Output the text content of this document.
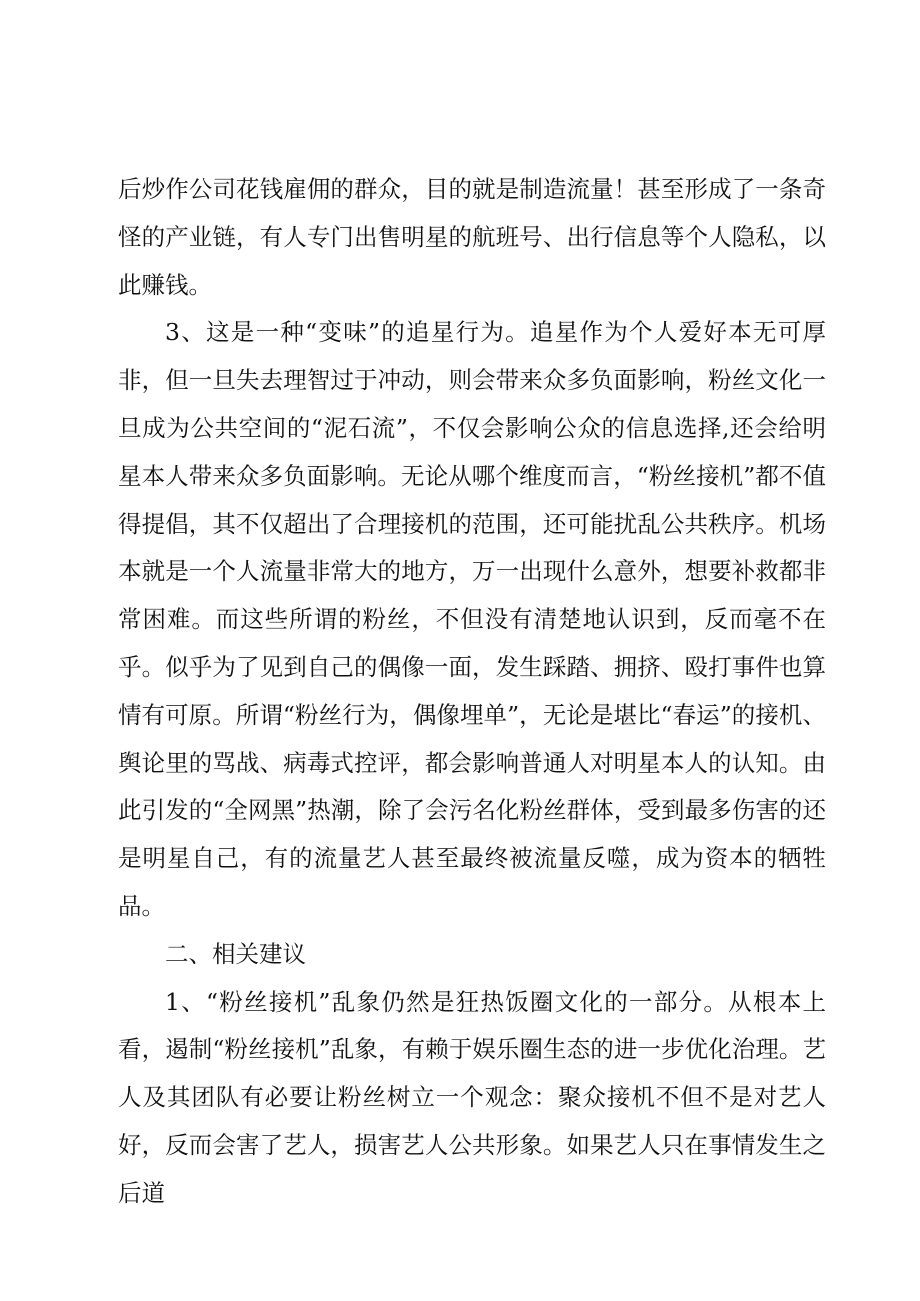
后炒作公司花钱雇佣的群众，目的就是制造流量！甚至形成了一条奇怪的产业链，有人专门出售明星的航班号、出行信息等个人隐私，以此赚钱。

3、这是一种“变味”的追星行为。追星作为个人爱好本无可厚非，但一旦失去理智过于冲动，则会带来众多负面影响，粉丝文化一旦成为公共空间的“泥石流”，不仅会影响公众的信息选择,还会给明星本人带来众多负面影响。无论从哪个维度而言，“粉丝接机”都不值得提倡，其不仅超出了合理接机的范围，还可能扰乱公共秩序。机场本就是一个人流量非常大的地方，万一出现什么意外，想要补救都非常困难。而这些所谓的粉丝，不但没有清楚地认识到，反而毫不在乎。似乎为了见到自己的偶像一面，发生踩踏、拥挤、殴打事件也算情有可原。所谓“粉丝行为，偶像埋单”，无论是堪比“春运”的接机、舆论里的骂战、病毒式控评，都会影响普通人对明星本人的认知。由此引发的“全网黑”热潮，除了会污名化粉丝群体，受到最多伤害的还是明星自己，有的流量艺人甚至最终被流量反噬，成为资本的牺牲品。

二、相关建议

1、“粉丝接机”乱象仍然是狂热饭圈文化的一部分。从根本上看，遏制“粉丝接机”乱象，有赖于娱乐圈生态的进一步优化治理。艺人及其团队有必要让粉丝树立一个观念：聚众接机不但不是对艺人好，反而会害了艺人，损害艺人公共形象。如果艺人只在事情发生之后道
